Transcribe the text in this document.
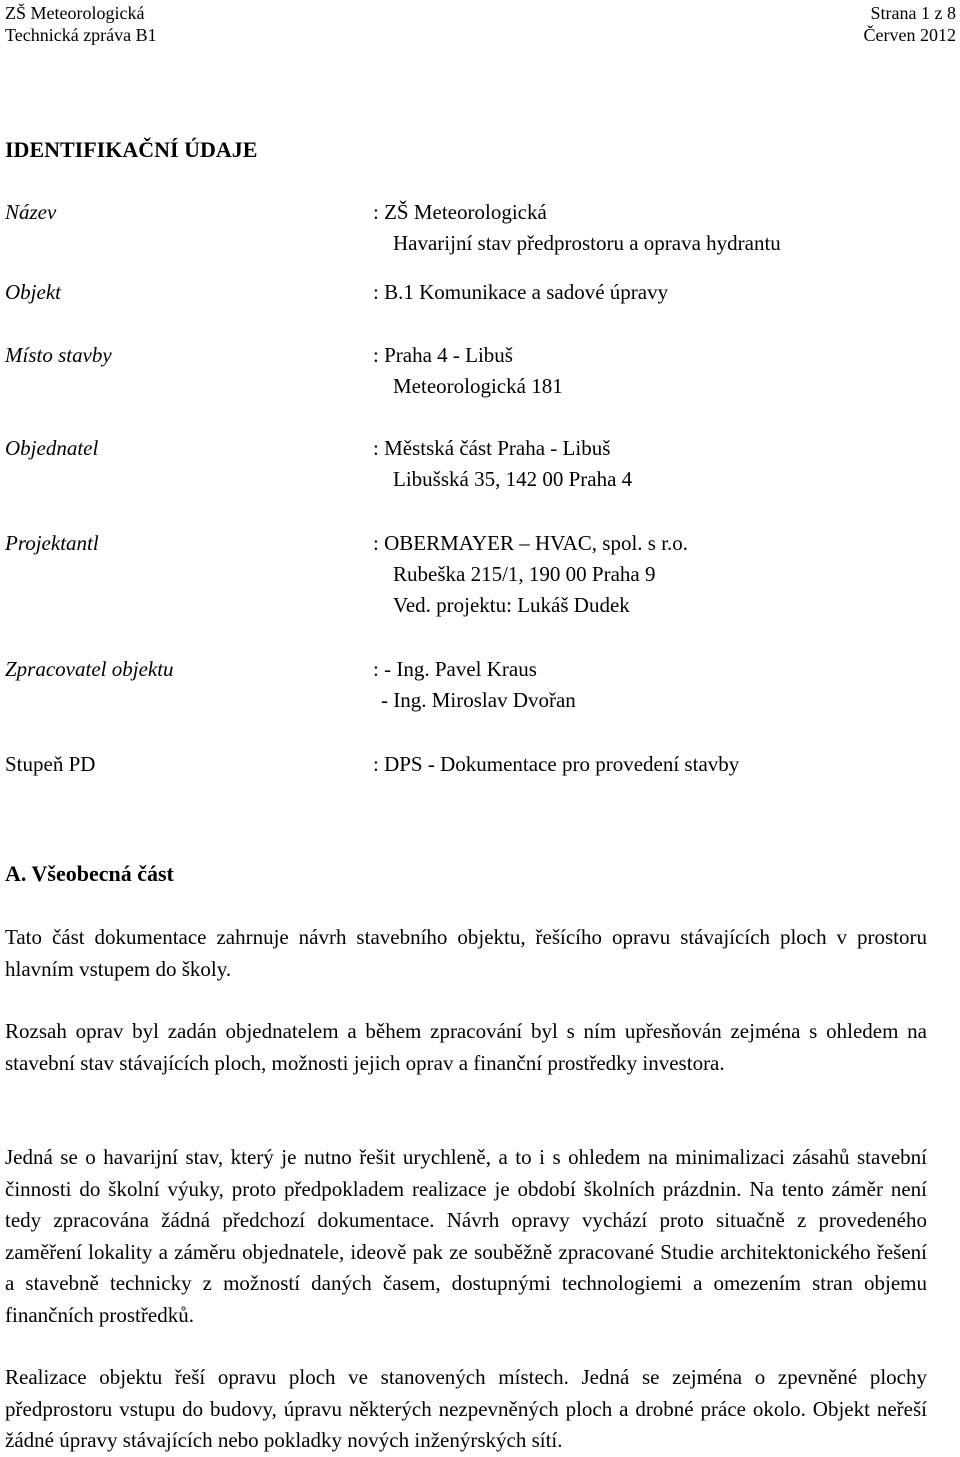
ZŠ Meteorologická
Technická zpráva B1
Strana 1 z 8
Červen 2012
IDENTIFIKAČNÍ ÚDAJE
Název	: ZŠ Meteorologická
Havarijní stav předprostoru a oprava hydrantu
Objekt	: B.1 Komunikace a sadové úpravy
Místo stavby	: Praha 4 - Libuš
Meteorologická 181
Objednatel	: Městská část Praha - Libuš
Libušská 35, 142 00 Praha 4
Projektantl	: OBERMAYER – HVAC, spol. s r.o.
Rubeška 215/1, 190 00 Praha 9
Ved. projektu: Lukáš Dudek
Zpracovatel objektu	: - Ing. Pavel Kraus
- Ing. Miroslav Dvořan
Stupeň PD	: DPS - Dokumentace pro provedení stavby
A. Všeobecná část

Tato část dokumentace zahrnuje návrh stavebního objektu, řešícího opravu stávajících ploch v prostoru hlavním vstupem do školy.

Rozsah oprav byl zadán objednatelem a během zpracování byl s ním upřesňován zejména s ohledem na stavební stav stávajících ploch, možnosti jejich oprav a finanční prostředky investora.

Jedná se o havarijní stav, který je nutno řešit urychleně, a to i s ohledem na minimalizaci zásahů stavební činnosti do školní výuky, proto předpokladem realizace je období školních prázdnin. Na tento záměr není tedy zpracována žádná předchozí dokumentace. Návrh opravy vychází proto situačně z provedeného zaměření lokality a záměru objednatele, ideově pak ze souběžně zpracované Studie architektonického řešení a stavebně technicky z možností daných časem, dostupnými technologiemi a omezením stran objemu finančních prostředků.

Realizace objektu řeší opravu ploch ve stanovených místech. Jedná se zejména o zpevněné plochy předprostoru vstupu do budovy, úpravu některých nezpevněných ploch a drobné práce okolo. Objekt neřeší žádné úpravy stávajících nebo pokladky nových inženýrských sítí.
